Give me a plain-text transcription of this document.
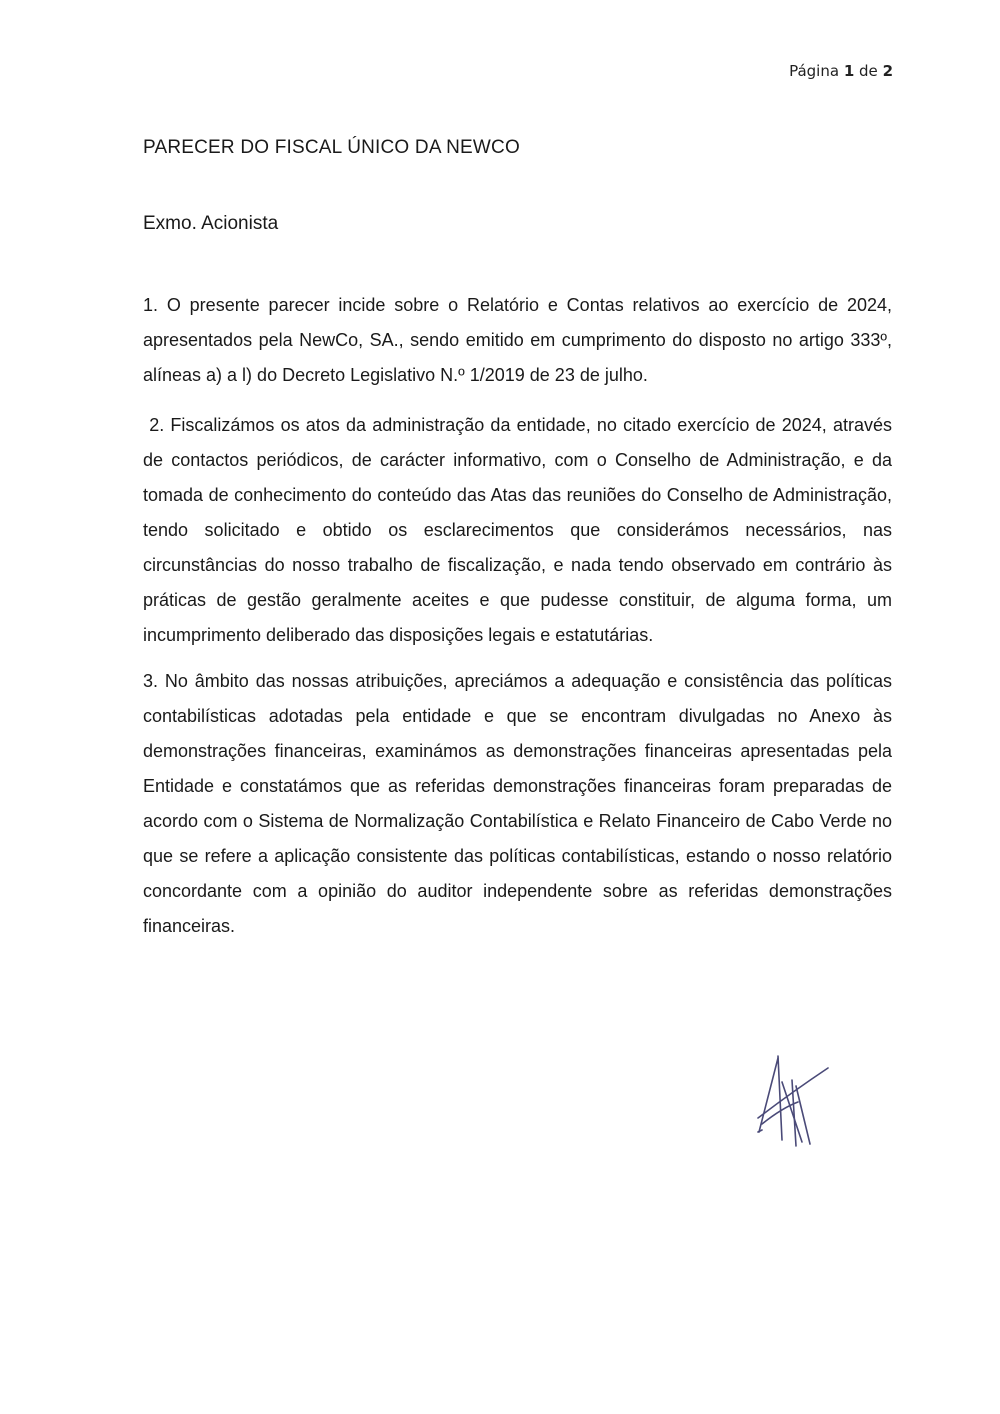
Página 1 de 2
PARECER DO FISCAL ÚNICO DA NEWCO

Exmo. Acionista

1. O presente parecer incide sobre o Relatório e Contas relativos ao exercício de 2024, apresentados pela NewCo, SA., sendo emitido em cumprimento do disposto no artigo 333º, alíneas a) a l) do Decreto Legislativo N.º 1/2019 de 23 de julho.

2. Fiscalizámos os atos da administração da entidade, no citado exercício de 2024, através de contactos periódicos, de carácter informativo, com o Conselho de Administração, e da tomada de conhecimento do conteúdo das Atas das reuniões do Conselho de Administração, tendo solicitado e obtido os esclarecimentos que considerámos necessários, nas circunstâncias do nosso trabalho de fiscalização, e nada tendo observado em contrário às práticas de gestão geralmente aceites e que pudesse constituir, de alguma forma, um incumprimento deliberado das disposições legais e estatutárias.

3. No âmbito das nossas atribuições, apreciámos a adequação e consistência das políticas contabilísticas adotadas pela entidade e que se encontram divulgadas no Anexo às demonstrações financeiras, examinámos as demonstrações financeiras apresentadas pela Entidade e constatámos que as referidas demonstrações financeiras foram preparadas de acordo com o Sistema de Normalização Contabilística e Relato Financeiro de Cabo Verde no que se refere a aplicação consistente das políticas contabilísticas, estando o nosso relatório concordante com a opinião do auditor independente sobre as referidas demonstrações financeiras.
